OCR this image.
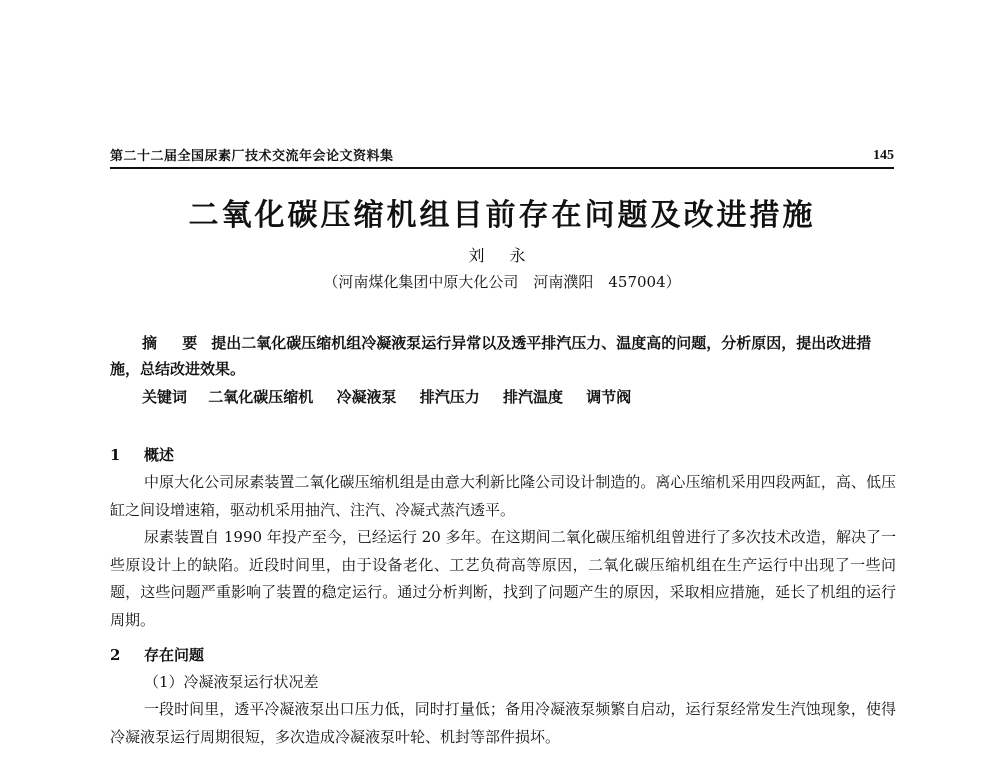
第二十二届全国尿素厂技术交流年会论文资料集	145
二氧化碳压缩机组目前存在问题及改进措施
刘 永
（河南煤化集团中原大化公司　河南濮阳　457004）
摘 要 提出二氧化碳压缩机组冷凝液泵运行异常以及透平排汽压力、温度高的问题，分析原因，提出改进措施，总结改进效果。
关键词 二氧化碳压缩机 冷凝液泵 排汽压力 排汽温度 调节阀
1 概述
中原大化公司尿素装置二氧化碳压缩机组是由意大利新比隆公司设计制造的。离心压缩机采用四段两缸，高、低压缸之间设增速箱，驱动机采用抽汽、注汽、冷凝式蒸汽透平。
尿素装置自 1990 年投产至今，已经运行 20 多年。在这期间二氧化碳压缩机组曾进行了多次技术改造，解决了一些原设计上的缺陷。近段时间里，由于设备老化、工艺负荷高等原因，二氧化碳压缩机组在生产运行中出现了一些问题，这些问题严重影响了装置的稳定运行。通过分析判断，找到了问题产生的原因，采取相应措施，延长了机组的运行周期。
2 存在问题
（1）冷凝液泵运行状况差
一段时间里，透平冷凝液泵出口压力低，同时打量低；备用冷凝液泵频繁自启动，运行泵经常发生汽蚀现象，使得冷凝液泵运行周期很短，多次造成冷凝液泵叶轮、机封等部件损坏。
